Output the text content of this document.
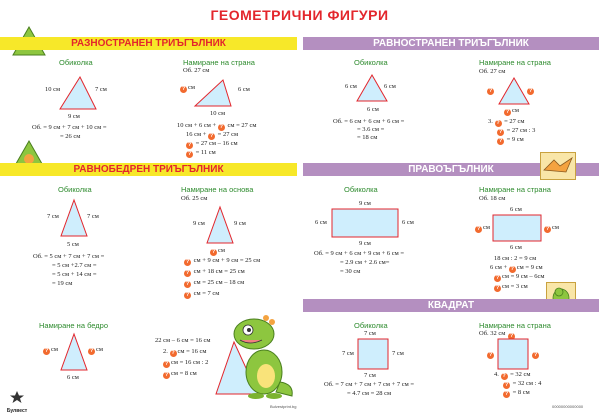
ГЕОМЕТРИЧНИ ФИГУРИ
РАЗНОСТРАНЕН ТРИЪГЪЛНИК
Обиколка
10 см	7 см
9 см
Об. = 9 см + 7 см + 10 см =
= 26 см
Намиране на страна
Об. 27 см
? см	6 см
10 см
10 см + 6 см + ? см = 27 см
16 см + ? = 27 см
? = 27 см – 16 см
? = 11 см
РАВНОСТРАНЕН ТРИЪГЪЛНИК
Обиколка
6 см	6 см
6 см
Об. = 6 см + 6 см + 6 см =
= 3.6 см =
= 18 см
Намиране на страна
Об. 27 см
?	?
? см
3. ? = 27 см
? = 27 см : 3
? = 9 см
РАВНОБЕДРЕН ТРИЪГЪЛНИК
Обиколка
7 см	7 см
5 см
Об. = 5 см + 7 см + 7 см =
= 5 см +2.7 см =
= 5 см + 14 см =
= 19 см
Намиране на основа
Об. 25 см
9 см	9 см
? см
? см + 9 см + 9 см = 25 см
? см + 18 см = 25 см
? см = 25 см – 18 см
? см = 7 см
Намиране на бедро
? см	? см
6 см
22 см – 6 см = 16 см
2. ? см = 16 см
? см = 16 см : 2
? см = 8 см
ПРАВОЪГЪЛНИК
Обиколка
9 см
6 см	6 см
9 см
Об. = 9 см + 6 см + 9 см + 6 см =
= 2.9 см + 2.6 см=
= 30 см
Намиране на страна
Об. 18 см
6 см
? см	? см
6 см
18 см : 2 = 9 см
6 см + ? см = 9 см
? см = 9 см – 6см
? см = 3 см
КВАДРАТ
Обиколка
7 см
7 см	7 см
7 см
Об. = 7 см + 7 см + 7 см + 7 см =
= 4.7 см = 28 см
Намиране на страна
Об. 32 см ?
?	?
4. ? = 32 см
? = 32 см : 4
? = 8 см
Булвест
Bulvestprint.bg	00000000000000
